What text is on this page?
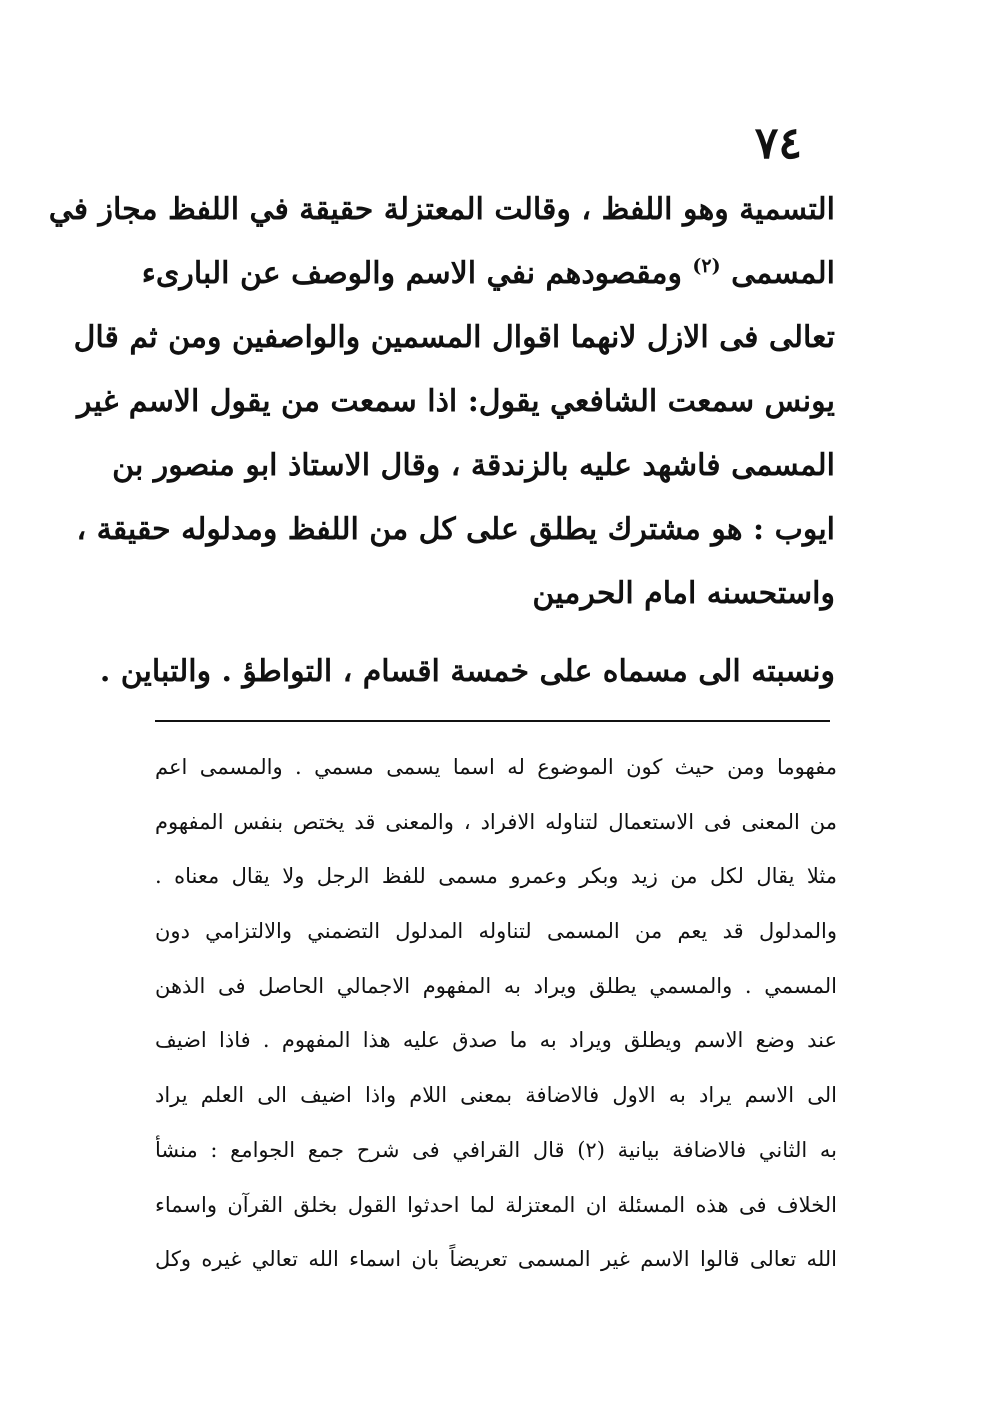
٧٤
التسمية وهو اللفظ ، وقالت المعتزلة حقيقة في اللفظ مجاز في
المسمى $^{(٢)}$ ومقصودهم نفي الاسم والوصف عن البارىء
تعالى فى الازل لانهما اقوال المسمين والواصفين ومن ثم قال
يونس سمعت الشافعي يقول: اذا سمعت من يقول الاسم غير
المسمى فاشهد عليه بالزندقة ، وقال الاستاذ ابو منصور بن
ايوب : هو مشترك يطلق على كل من اللفظ ومدلوله حقيقة ،
واستحسنه امام الحرمين
ونسبته الى مسماه على خمسة اقسام ، التواطؤ . والتباين .
مفهوما ومن حيث كون الموضوع له اسما يسمى مسمي . والمسمى اعم
من المعنى فى الاستعمال لتناوله الافراد ، والمعنى قد يختص بنفس المفهوم
مثلا يقال لكل من زيد وبكر وعمرو مسمى للفظ الرجل ولا يقال معناه .
والمدلول قد يعم من المسمى لتناوله المدلول التضمني والالتزامي دون
المسمي . والمسمي يطلق ويراد به المفهوم الاجمالي الحاصل فى الذهن
عند وضع الاسم ويطلق ويراد به ما صدق عليه هذا المفهوم . فاذا اضيف
الى الاسم يراد به الاول فالاضافة بمعنى اللام واذا اضيف الى العلم يراد
به الثاني فالاضافة بيانية (٢) قال القرافي فى شرح جمع الجوامع : منشأ
الخلاف فى هذه المسئلة ان المعتزلة لما احدثوا القول بخلق القرآن واسماء
الله تعالى قالوا الاسم غير المسمى تعريضاً بان اسماء الله تعالي غيره وكل
